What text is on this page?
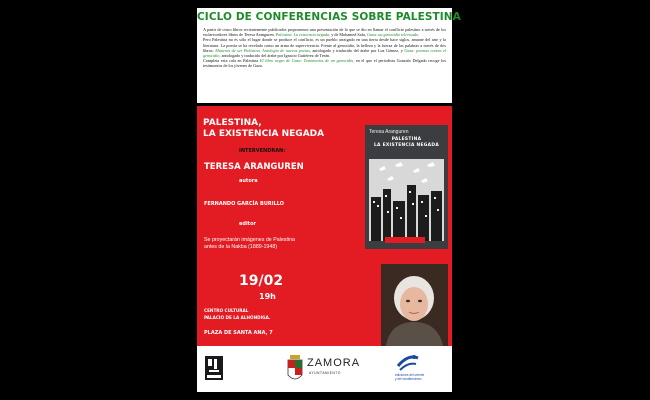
CICLO DE CONFERENCIAS SOBRE PALESTINA
A partir de cinco libros recientemente publicados proponemos una presentación de lo que se dio en llamar el conflicto palestino a través de los esclarecedores libros de Teresa Aranguren, Palestina. La existencia negada, y de Mohamed Safa, Gaza: un genocidio televisado.
Pero Palestina no es sólo el lugar donde se produce el conflicto, es un pueblo arraigado en una tierra desde hace siglos, amante del arte y la literatura. La poesía se ha revelado como un arma de supervivencia. Frente al genocidio, la belleza y la fuerza de las palabras a través de dos libros: Maneras de ser Palestina. Antología de nuevos poetas, antologado y traducido del árabe por Luz Gómez, y Gaza: poemas contra el genocidio, antologado y traducido del árabe por Ignacio Gutiérrez de Terán.
Completa esta cala en Palestina El libro negro de Gaza: Testimonios de un genocidio, en el que el periodista Gonzalo Delgado recoge los testimonios de los jóvenes de Gaza.
PALESTINA,
LA EXISTENCIA NEGADA
INTERVENDRAN:
TERESA ARANGUREN
autora
FERNANDO GARCÍA BURILLO
editor
Se proyectarán imágenes de Palestina
antes de la Nakba (1889-1948)
19/02
19h
CENTRO CULTURAL
PALACIO DE LA ALHÓNDIGA.
PLAZA DE SANTA ANA, 7
Teresa Aranguren
PALESTINA
LA EXISTENCIA NEGADA
ZAMORA
AYUNTAMIENTO	ediciones del oriente
y del mediterráneo
